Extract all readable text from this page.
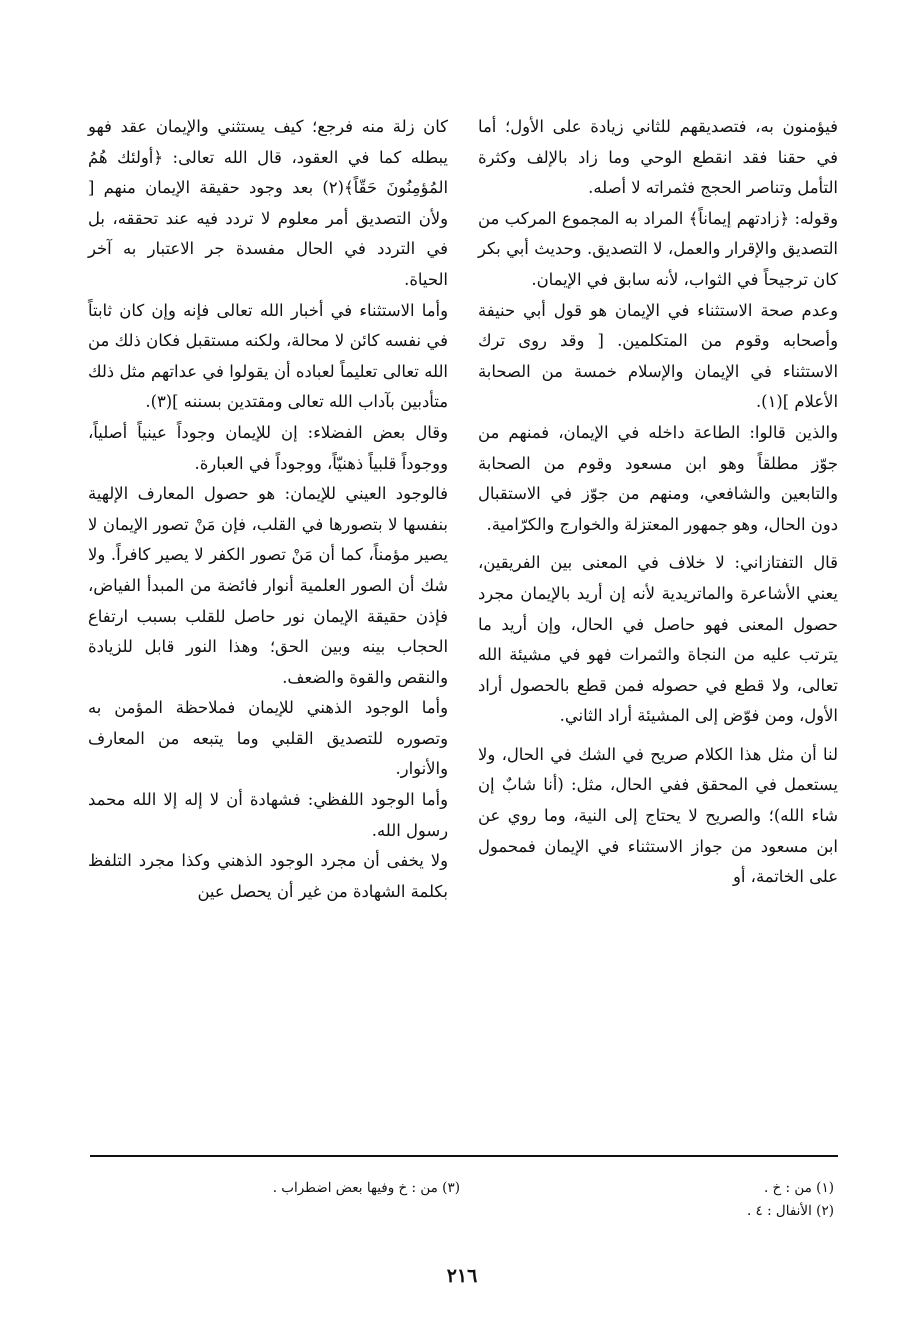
فيؤمنون به، فتصديقهم للثاني زيادة على الأول؛ أما في حقنا فقد انقطع الوحي وما زاد بالإلف وكثرة التأمل وتناصر الحجج فثمراته لا أصله.

وقوله: ﴿زادتهم إيماناً﴾ المراد به المجموع المركب من التصديق والإقرار والعمل، لا التصديق. وحديث أبي بكر كان ترجيحاً في الثواب، لأنه سابق في الإيمان.

وعدم صحة الاستثناء في الإيمان هو قول أبي حنيفة وأصحابه وقوم من المتكلمين. [ وقد روى ترك الاستثناء في الإيمان والإسلام خمسة من الصحابة الأعلام ](١).

والذين قالوا: الطاعة داخله في الإيمان، فمنهم من جوّز مطلقاً وهو ابن مسعود وقوم من الصحابة والتابعين والشافعي، ومنهم من جوّز في الاستقبال دون الحال، وهو جمهور المعتزلة والخوارج والكرّامية.

قال التفتازاني: لا خلاف في المعنى بين الفريقين، يعني الأشاعرة والماتريدية لأنه إن أريد بالإيمان مجرد حصول المعنى فهو حاصل في الحال، وإن أريد ما يترتب عليه من النجاة والثمرات فهو في مشيئة الله تعالى، ولا قطع في حصوله فمن قطع بالحصول أراد الأول، ومن فوّض إلى المشيئة أراد الثاني.

لنا أن مثل هذا الكلام صريح في الشك في الحال، ولا يستعمل في المحقق ففي الحال، مثل: (أنا شابٌ إن شاء الله)؛ والصريح لا يحتاج إلى النية، وما روي عن ابن مسعود من جواز الاستثناء في الإيمان فمحمول على الخاتمة، أو

كان زلة منه فرجع؛ كيف يستثني والإيمان عقد فهو يبطله كما في العقود، قال الله تعالى: ﴿أولئك هُمُ المُؤمِنُونَ حَقّاً﴾(٢) بعد وجود حقيقة الإيمان منهم [ ولأن التصديق أمر معلوم لا تردد فيه عند تحققه، بل في التردد في الحال مفسدة جر الاعتبار به آخر الحياة.

وأما الاستثناء في أخبار الله تعالى فإنه وإن كان ثابتاً في نفسه كائن لا محالة، ولكنه مستقبل فكان ذلك من الله تعالى تعليماً لعباده أن يقولوا في عداتهم مثل ذلك متأدبين بآداب الله تعالى ومقتدين بسننه ](٣).

وقال بعض الفضلاء: إن للإيمان وجوداً عينياً أصلياً، ووجوداً قلبياً ذهنيّاً، ووجوداً في العبارة.

فالوجود العيني للإيمان: هو حصول المعارف الإلهية بنفسها لا بتصورها في القلب، فإن مَنْ تصور الإيمان لا يصير مؤمناً، كما أن مَنْ تصور الكفر لا يصير كافراً. ولا شك أن الصور العلمية أنوار فائضة من المبدأ الفياض، فإذن حقيقة الإيمان نور حاصل للقلب بسبب ارتفاع الحجاب بينه وبين الحق؛ وهذا النور قابل للزيادة والنقص والقوة والضعف.

وأما الوجود الذهني للإيمان فملاحظة المؤمن به وتصوره للتصديق القلبي وما يتبعه من المعارف والأنوار.

وأما الوجود اللفظي: فشهادة أن لا إله إلا الله محمد رسول الله.

ولا يخفى أن مجرد الوجود الذهني وكذا مجرد التلفظ بكلمة الشهادة من غير أن يحصل عين

(١) من : خ .
(٢) الأنفال : ٤ .
(٣) من : خ وفيها بعض اضطراب .
٢١٦
